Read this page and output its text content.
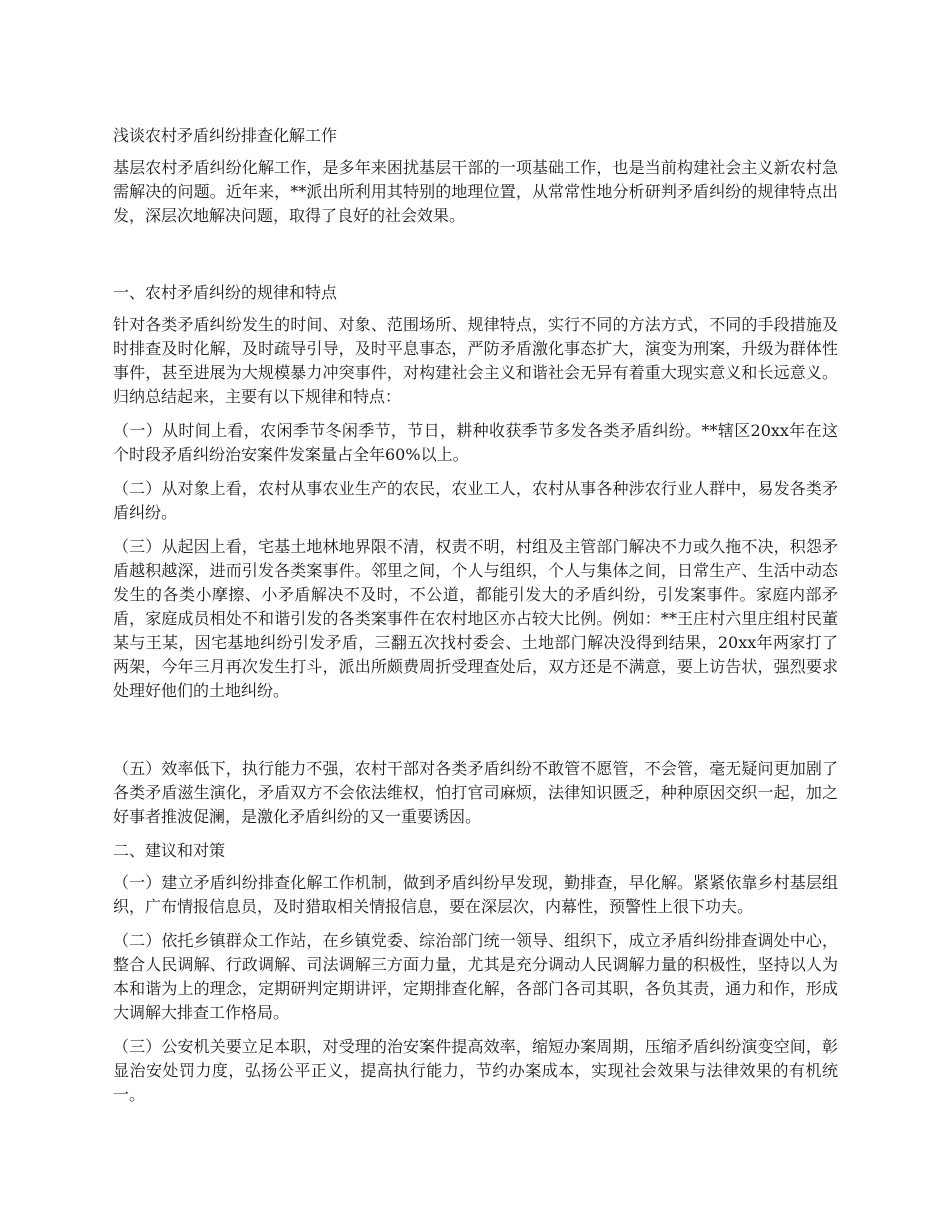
浅谈农村矛盾纠纷排查化解工作

基层农村矛盾纠纷化解工作，是多年来困扰基层干部的一项基础工作，也是当前构建社会主义新农村急需解决的问题。近年来，**派出所利用其特别的地理位置，从常常性地分析研判矛盾纠纷的规律特点出发，深层次地解决问题，取得了良好的社会效果。

一、农村矛盾纠纷的规律和特点

针对各类矛盾纠纷发生的时间、对象、范围场所、规律特点，实行不同的方法方式，不同的手段措施及时排查及时化解，及时疏导引导，及时平息事态，严防矛盾激化事态扩大，演变为刑案，升级为群体性事件，甚至进展为大规模暴力冲突事件，对构建社会主义和谐社会无异有着重大现实意义和长远意义。归纳总结起来，主要有以下规律和特点：

（一）从时间上看，农闲季节冬闲季节，节日，耕种收获季节多发各类矛盾纠纷。**辖区20xx年在这个时段矛盾纠纷治安案件发案量占全年60%以上。

（二）从对象上看，农村从事农业生产的农民，农业工人，农村从事各种涉农行业人群中，易发各类矛盾纠纷。

（三）从起因上看，宅基土地林地界限不清，权责不明，村组及主管部门解决不力或久拖不决，积怨矛盾越积越深，进而引发各类案事件。邻里之间，个人与组织，个人与集体之间，日常生产、生活中动态发生的各类小摩擦、小矛盾解决不及时，不公道，都能引发大的矛盾纠纷，引发案事件。家庭内部矛盾，家庭成员相处不和谐引发的各类案事件在农村地区亦占较大比例。例如：**王庄村六里庄组村民董某与王某，因宅基地纠纷引发矛盾，三翻五次找村委会、土地部门解决没得到结果，20xx年两家打了两架，今年三月再次发生打斗，派出所颇费周折受理查处后，双方还是不满意，要上访告状，强烈要求处理好他们的土地纠纷。

（五）效率低下，执行能力不强，农村干部对各类矛盾纠纷不敢管不愿管，不会管，毫无疑问更加剧了各类矛盾滋生演化，矛盾双方不会依法维权，怕打官司麻烦，法律知识匮乏，种种原因交织一起，加之好事者推波促澜，是激化矛盾纠纷的又一重要诱因。

二、建议和对策

（一）建立矛盾纠纷排查化解工作机制，做到矛盾纠纷早发现，勤排查，早化解。紧紧依靠乡村基层组织，广布情报信息员，及时猎取相关情报信息，要在深层次，内幕性，预警性上很下功夫。

（二）依托乡镇群众工作站，在乡镇党委、综治部门统一领导、组织下，成立矛盾纠纷排查调处中心，整合人民调解、行政调解、司法调解三方面力量，尤其是充分调动人民调解力量的积极性，坚持以人为本和谐为上的理念，定期研判定期讲评，定期排查化解，各部门各司其职，各负其责，通力和作，形成大调解大排查工作格局。

（三）公安机关要立足本职，对受理的治安案件提高效率，缩短办案周期，压缩矛盾纠纷演变空间，彰显治安处罚力度，弘扬公平正义，提高执行能力，节约办案成本，实现社会效果与法律效果的有机统一。
